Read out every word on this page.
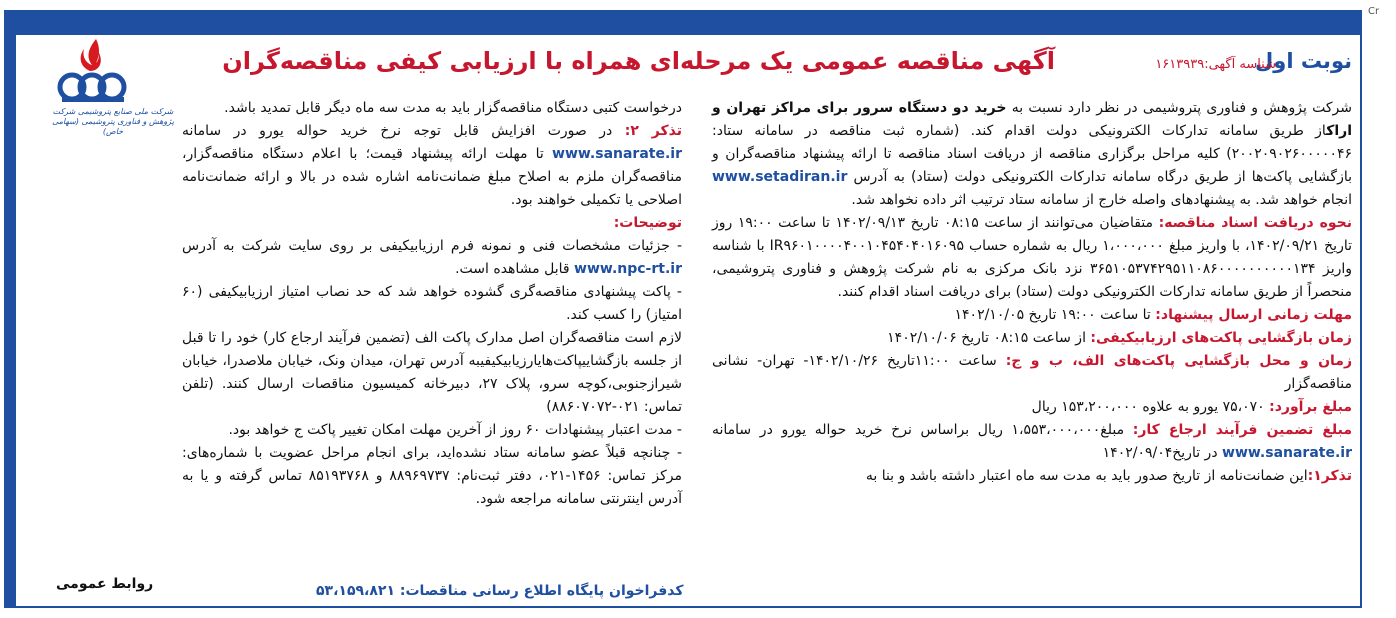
Cr
نوبت اول
شناسه آگهی:۱۶۱۳۹۳۹
آگهی مناقصه عمومی یک مرحله‌ای همراه با ارزیابی کیفی مناقصه‌گران
شرکت ملی صنایع پتروشیمی شرکت پژوهش و فناوری پتروشیمی (سهامی خاص)

شرکت پژوهش و فناوری پتروشیمی در نظر دارد نسبت به خرید دو دستگاه سرور برای مراکز تهران و اراکاز طریق سامانه تدارکات الکترونیکی دولت اقدام کند. (شماره ثبت مناقصه در سامانه ستاد: ۲۰۰۲۰۹۰۲۶۰۰۰۰۰۴۶) کلیه مراحل برگزاری مناقصه از دریافت اسناد مناقصه تا ارائه پیشنهاد مناقصه‌گران و بازگشایی پاکت‌ها از طریق درگاه سامانه تدارکات الکترونیکی دولت (ستاد) به آدرس www.setadiran.ir انجام خواهد شد. به پیشنهادهای واصله خارج از سامانه ستاد ترتیب اثر داده نخواهد شد.

نحوه دریافت اسناد مناقصه: متقاضیان می‌توانند از ساعت ۰۸:۱۵ تاریخ ۱۴۰۲/۰۹/۱۳ تا ساعت ۱۹:۰۰ روز تاریخ ۱۴۰۲/۰۹/۲۱، با واریز مبلغ ۱،۰۰۰،۰۰۰ ریال به شماره حساب IR۹۶۰۱۰۰۰۰۴۰۰۱۰۴۵۴۰۴۰۱۶۰۹۵ با شناسه واریز ۳۶۵۱۰۵۳۷۴۲۹۵۱۱۰۸۶۰۰۰۰۰۰۰۰۰۰۱۳۴ نزد بانک مرکزی به نام شرکت پژوهش و فناوری پتروشیمی، منحصراً از طریق سامانه تدارکات الکترونیکی دولت (ستاد) برای دریافت اسناد اقدام کنند.

مهلت زمانی ارسال پیشنهاد: تا ساعت ۱۹:۰۰ تاریخ ۱۴۰۲/۱۰/۰۵

زمان بازگشایی پاکت‌های ارزیابیکیفی: از ساعت ۰۸:۱۵ تاریخ ۱۴۰۲/۱۰/۰۶

زمان و محل بازگشایی پاکت‌های الف، ب و ج: ساعت ۱۱:۰۰تاریخ ۱۴۰۲/۱۰/۲۶- تهران- نشانی مناقصه‌گزار

مبلغ برآورد: ۷۵،۰۷۰ یورو به علاوه ۱۵۳،۲۰۰،۰۰۰ ریال

مبلغ تضمین فرآیند ارجاع کار: مبلغ۱،۵۵۳،۰۰۰،۰۰۰ ریال براساس نرخ خرید حواله یورو در سامانه www.sanarate.ir در تاریخ۱۴۰۲/۰۹/۰۴

تذکر۱:این ضمانت‌نامه از تاریخ صدور باید به مدت سه ماه اعتبار داشته باشد و بنا به

درخواست کتبی دستگاه مناقصه‌گزار باید به مدت سه ماه دیگر قابل تمدید باشد.

تذکر ۲: در صورت افزایش قابل توجه نرخ خرید حواله یورو در سامانه www.sanarate.ir تا مهلت ارائه پیشنهاد قیمت؛ با اعلام دستگاه مناقصه‌گزار، مناقصه‌گران ملزم به اصلاح مبلغ ضمانت‌نامه اشاره شده در بالا و ارائه ضمانت‌نامه اصلاحی یا تکمیلی خواهند بود.

توضیحات:

- جزئیات مشخصات فنی و نمونه فرم ارزیابیکیفی بر روی سایت شرکت به آدرس www.npc-rt.ir قابل مشاهده است.

- پاکت پیشنهادی مناقصه‌گری گشوده خواهد شد که حد نصاب امتیاز ارزیابیکیفی (۶۰ امتیاز) را کسب کند.

لازم است مناقصه‌گران اصل مدارک پاکت الف (تضمین فرآیند ارجاع کار) خود را تا قبل از جلسه بازگشاییپاکت‌هایارزیابیکیفیبه آدرس تهران، میدان ونک، خیابان ملاصدرا، خیابان شیرازجنوبی،کوچه سرو، پلاک ۲۷، دبیرخانه کمیسیون مناقصات ارسال کنند. (تلفن تماس: ۰۲۱-۸۸۶۰۷۰۷۲)

- مدت اعتبار پیشنهادات ۶۰ روز از آخرین مهلت امکان تغییر پاکت ج خواهد بود.

- چنانچه قبلاً عضو سامانه ستاد نشده‌اید، برای انجام مراحل عضویت با شماره‌های: مرکز تماس: ۱۴۵۶-۰۲۱، دفتر ثبت‌نام: ۸۸۹۶۹۷۳۷ و ۸۵۱۹۳۷۶۸ تماس گرفته و یا به آدرس اینترنتی سامانه مراجعه شود.

کدفراخوان پایگاه اطلاع رسانی مناقصات: ۵۳،۱۵۹،۸۲۱
روابط عمومی
